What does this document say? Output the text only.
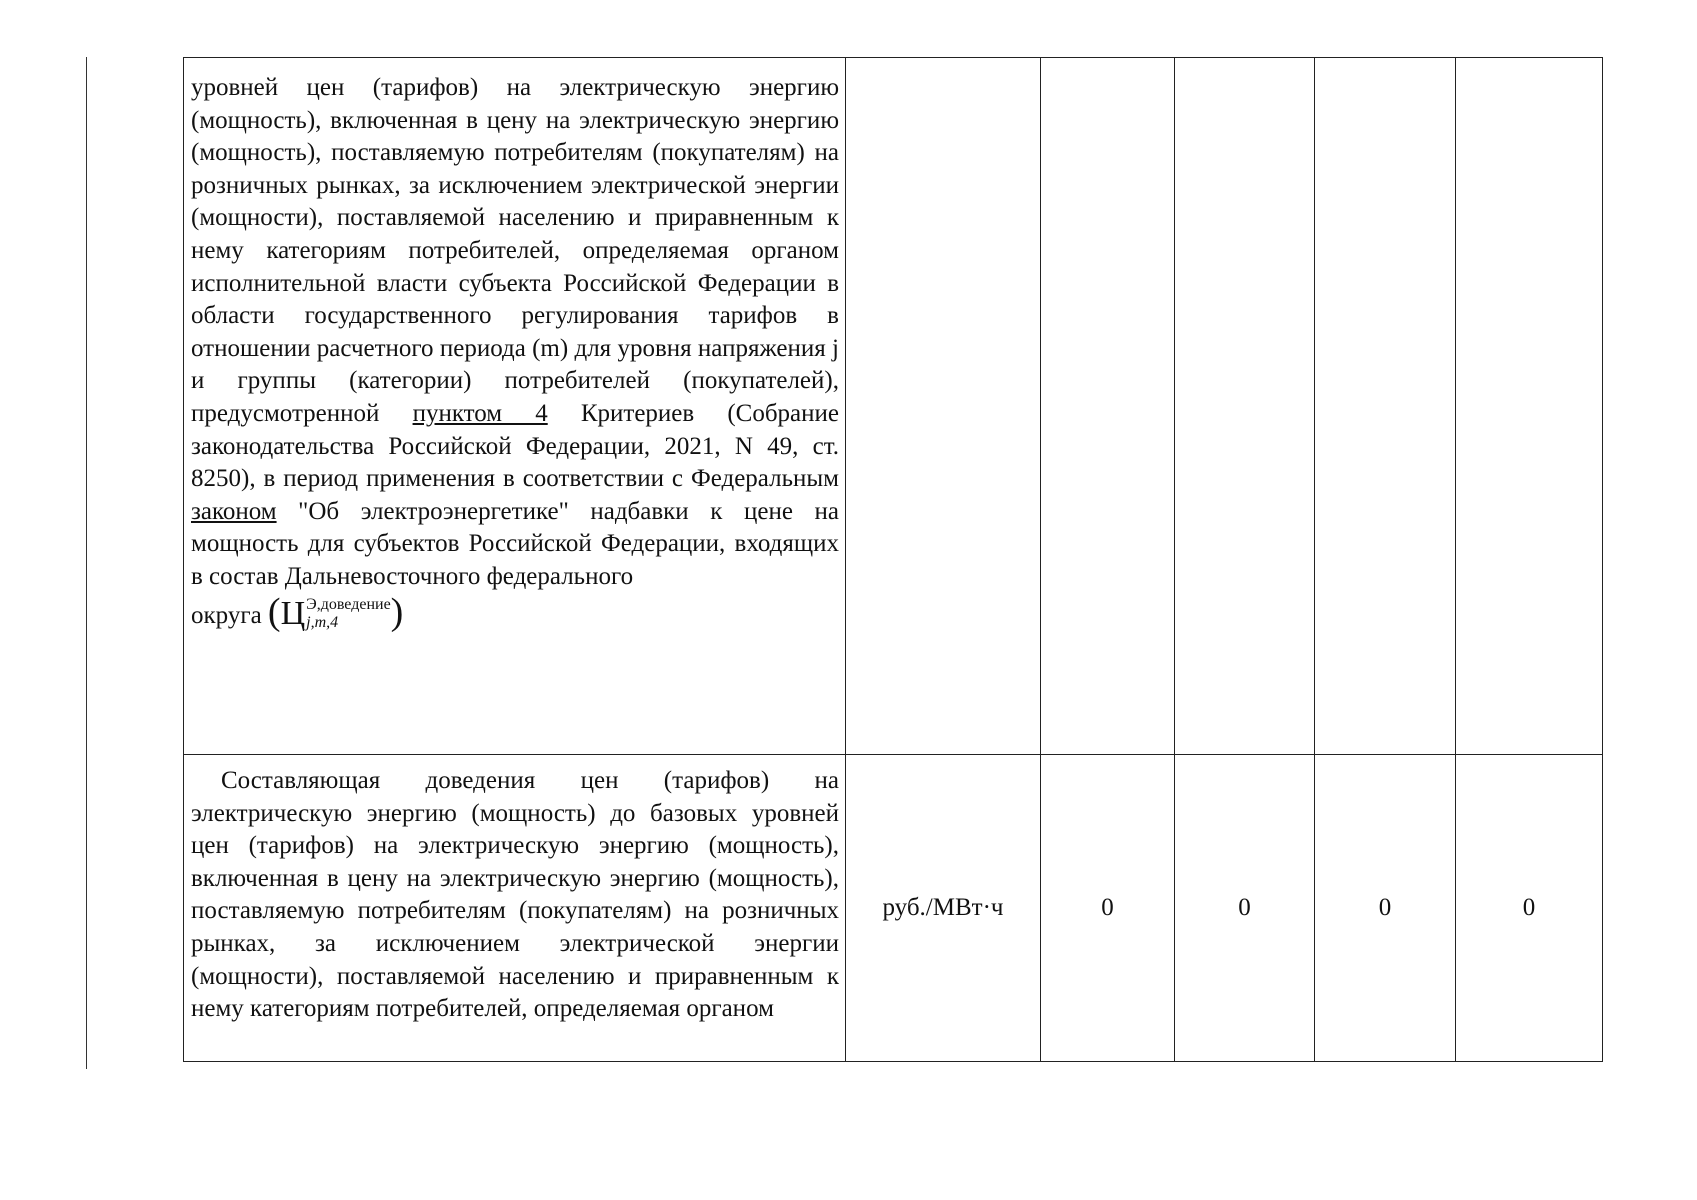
уровней цен (тарифов) на электрическую энергию (мощность), включенная в цену на электрическую энергию (мощность), поставляемую потребителям (покупателям) на розничных рынках, за исключением электрической энергии (мощности), поставляемой населению и приравненным к нему категориям потребителей, определяемая органом исполнительной власти субъекта Российской Федерации в области государственного регулирования тарифов в отношении расчетного периода (m) для уровня напряжения j и группы (категории) потребителей (покупателей), предусмотренной пунктом 4 Критериев (Собрание законодательства Российской Федерации, 2021, N 49, ст. 8250), в период применения в соответствии с Федеральным законом "Об электроэнергетике" надбавки к цене на мощность для субъектов Российской Федерации, входящих в состав Дальневосточного федерального
округа (Ц Э,доведение
j,m,4 )					

Составляющая доведения цен (тарифов) на электрическую энергию (мощность) до базовых уровней цен (тарифов) на электрическую энергию (мощность), включенная в цену на электрическую энергию (мощность), поставляемую потребителям (покупателям) на розничных рынках, за исключением электрической энергии (мощности), поставляемой населению и приравненным к нему категориям потребителей, определяемая органом	руб./МВт·ч	0	0	0	0
